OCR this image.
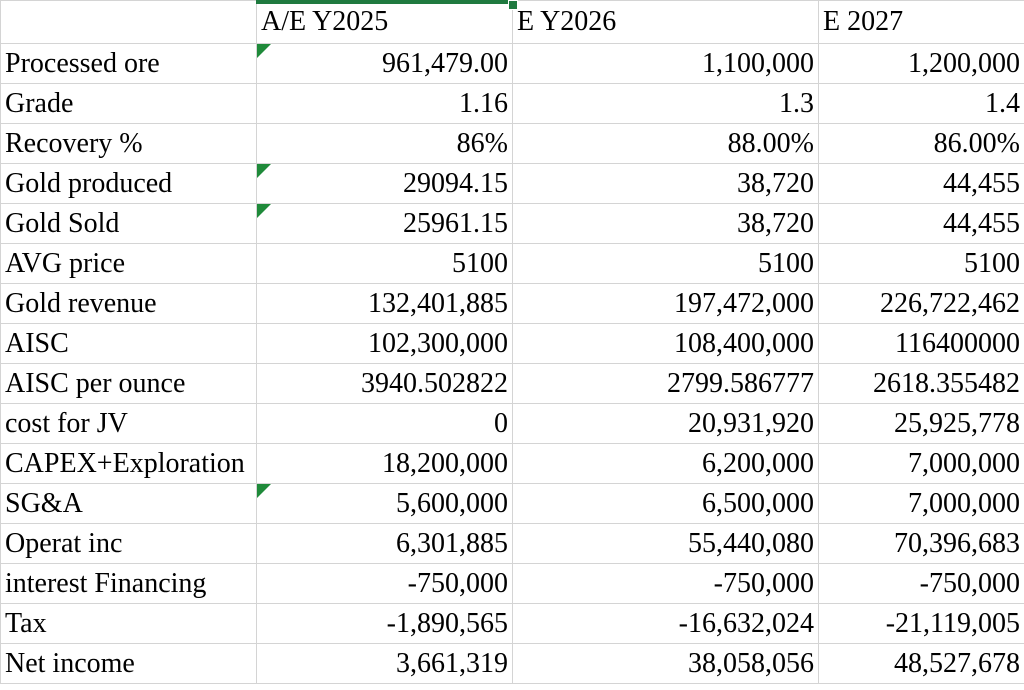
	A/E Y2025	E Y2026	E 2027
Processed ore	961,479.00	1,100,000	1,200,000
Grade	1.16	1.3	1.4
Recovery %	86%	88.00%	86.00%
Gold produced	29094.15	38,720	44,455
Gold Sold	25961.15	38,720	44,455
AVG price	5100	5100	5100
Gold revenue	132,401,885	197,472,000	226,722,462
AISC	102,300,000	108,400,000	116400000
AISC per ounce	3940.502822	2799.586777	2618.355482
cost for JV	0	20,931,920	25,925,778
CAPEX+Exploration	18,200,000	6,200,000	7,000,000
SG&A	5,600,000	6,500,000	7,000,000
Operat inc	6,301,885	55,440,080	70,396,683
interest Financing	-750,000	-750,000	-750,000
Tax	-1,890,565	-16,632,024	-21,119,005
Net income	3,661,319	38,058,056	48,527,678
